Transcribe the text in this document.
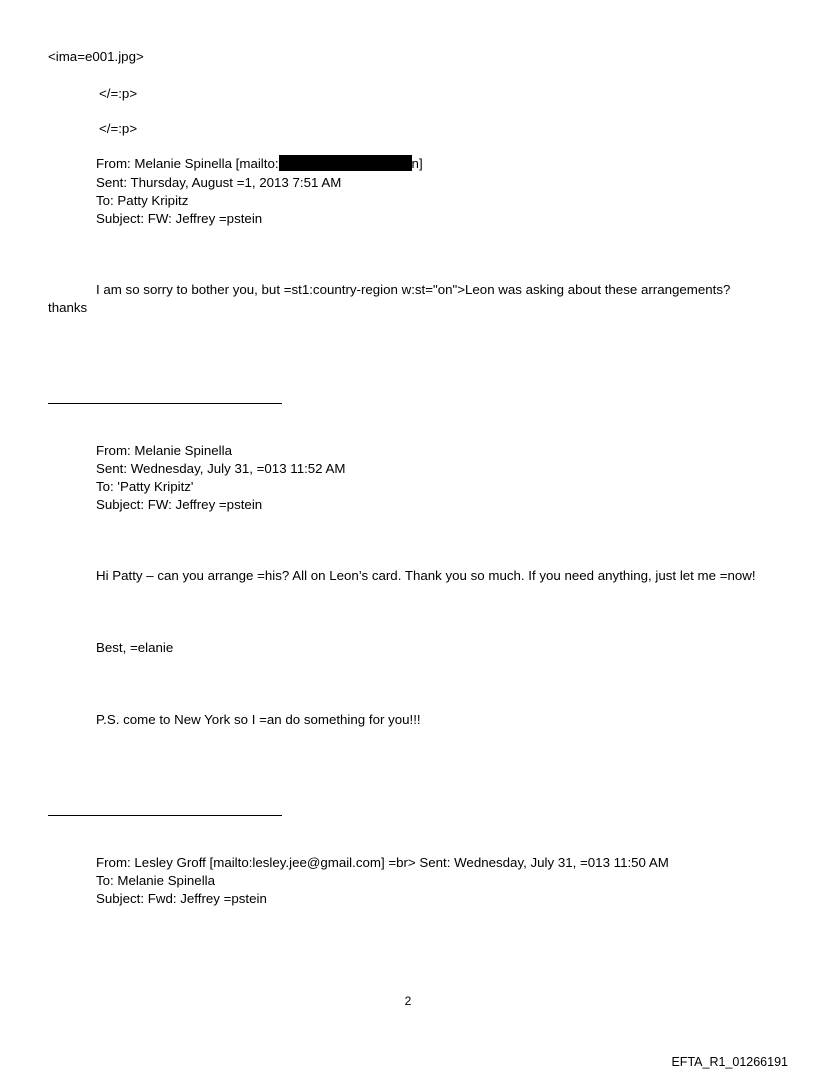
<ima=e001.jpg>
</=:p>
</=:p>
From: Melanie Spinella [mailto:	n]
Sent: Thursday, August =1, 2013 7:51 AM
To: Patty Kripitz
Subject: FW: Jeffrey =pstein
I am so sorry to bother you, but =st1:country-region w:st="on">Leon was asking about these arrangements?
thanks
From: Melanie Spinella
Sent: Wednesday, July 31, =013 11:52 AM
To: 'Patty Kripitz'
Subject: FW: Jeffrey =pstein
Hi Patty – can you arrange =his? All on Leon’s card. Thank you so much. If you need anything, just let me =now!
Best, =elanie
P.S. come to New York so I =an do something for you!!!
From: Lesley Groff [mailto:lesley.jee@gmail.com] =br> Sent: Wednesday, July 31, =013 11:50 AM
To: Melanie Spinella
Subject: Fwd: Jeffrey =pstein
2
EFTA_R1_01266191
